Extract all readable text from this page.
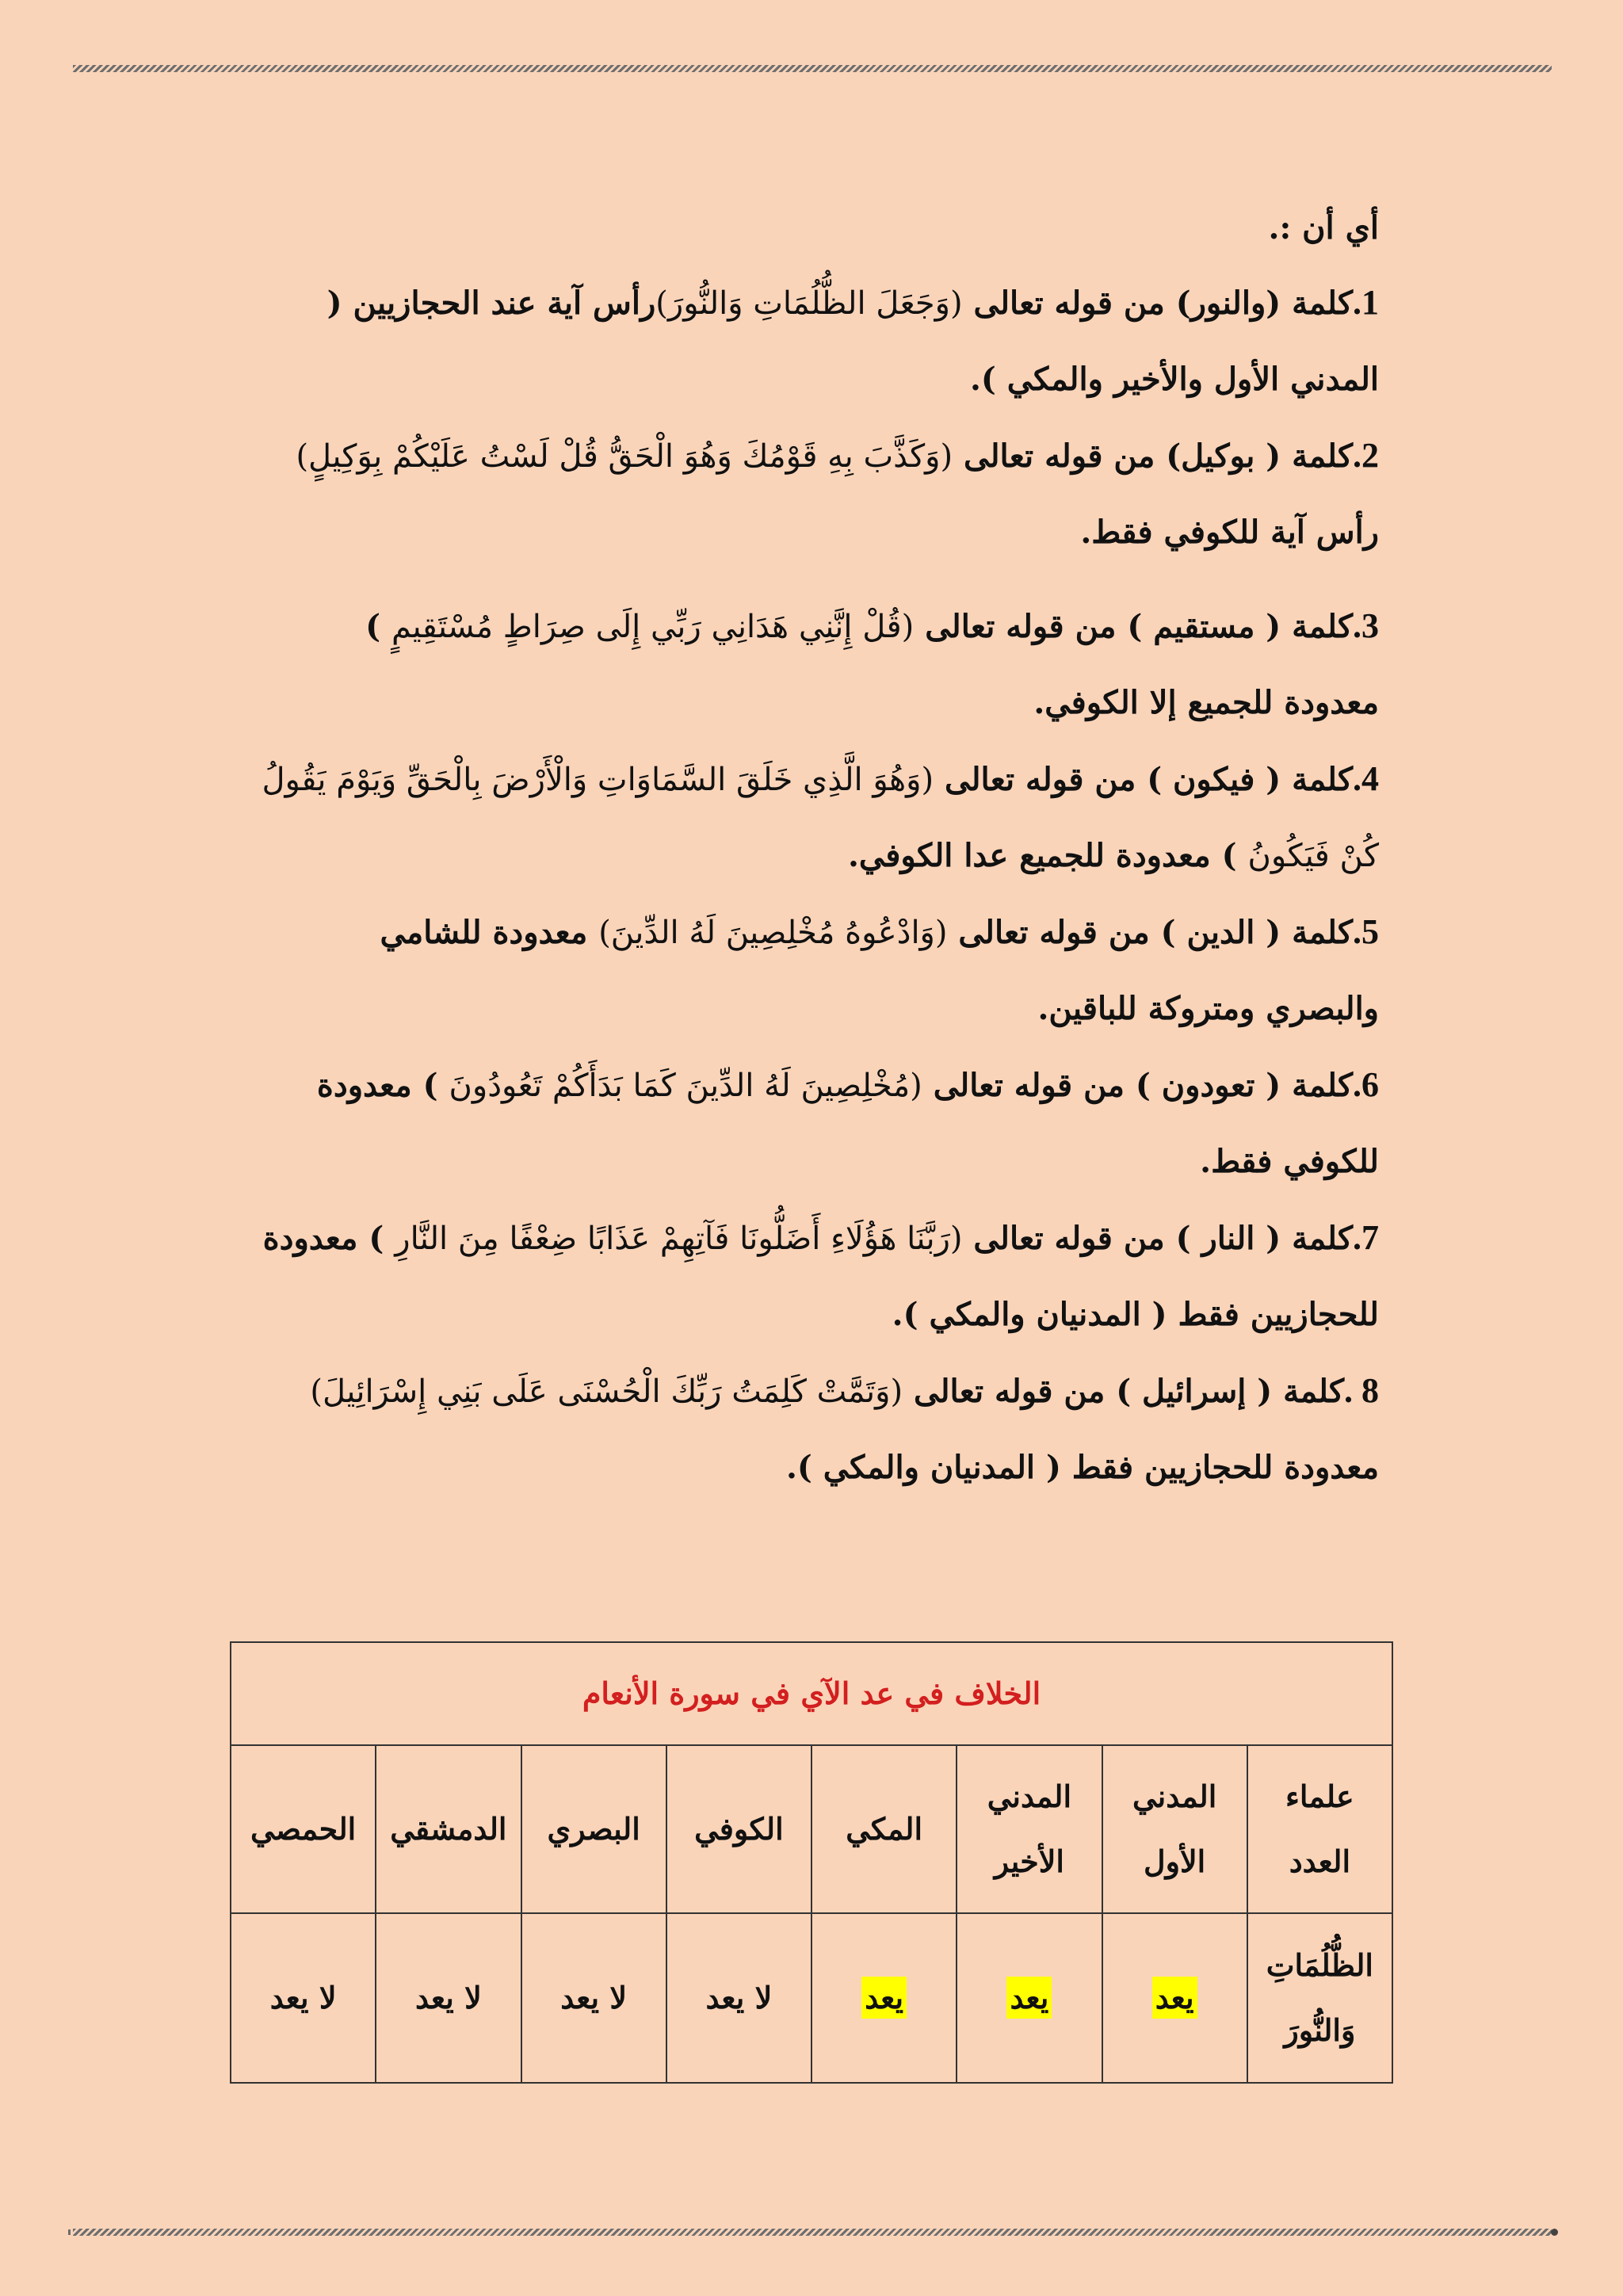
أي أن :.

1.كلمة (والنور) من قوله تعالى (وَجَعَلَ الظُّلُمَاتِ وَالنُّورَ)رأس آية عند الحجازيين ( المدني الأول والأخير والمكي ).

2.كلمة ( بوكيل) من قوله تعالى (وَكَذَّبَ بِهِ قَوْمُكَ وَهُوَ الْحَقُّ قُلْ لَسْتُ عَلَيْكُمْ بِوَكِيلٍ) رأس آية للكوفي فقط.

3.كلمة ( مستقيم ) من قوله تعالى (قُلْ إِنَّنِي هَدَانِي رَبِّي إِلَى صِرَاطٍ مُسْتَقِيمٍ ) معدودة للجميع إلا الكوفي.

4.كلمة ( فيكون ) من قوله تعالى (وَهُوَ الَّذِي خَلَقَ السَّمَاوَاتِ وَالْأَرْضَ بِالْحَقِّ وَيَوْمَ يَقُولُ كُنْ فَيَكُونُ ) معدودة للجميع عدا الكوفي.

5.كلمة ( الدين ) من قوله تعالى (وَادْعُوهُ مُخْلِصِينَ لَهُ الدِّينَ) معدودة للشامي والبصري ومتروكة للباقين.

6.كلمة ( تعودون ) من قوله تعالى (مُخْلِصِينَ لَهُ الدِّينَ كَمَا بَدَأَكُمْ تَعُودُونَ ) معدودة للكوفي فقط.

7.كلمة ( النار ) من قوله تعالى (رَبَّنَا هَؤُلَاءِ أَضَلُّونَا فَآتِهِمْ عَذَابًا ضِعْفًا مِنَ النَّارِ ) معدودة للحجازيين فقط ( المدنيان والمكي ).

8 .كلمة ( إسرائيل ) من قوله تعالى (وَتَمَّتْ كَلِمَتُ رَبِّكَ الْحُسْنَى عَلَى بَنِي إِسْرَائِيلَ) معدودة للحجازيين فقط ( المدنيان والمكي ).

الخلاف في عد الآي في سورة الأنعام							
علماء العدد	المدني الأول	المدني الأخير	المكي	الكوفي	البصري	الدمشقي	الحمصي
الظُّلُمَاتِ وَالنُّورَ	يعد	يعد	يعد	لا يعد	لا يعد	لا يعد	لا يعد
